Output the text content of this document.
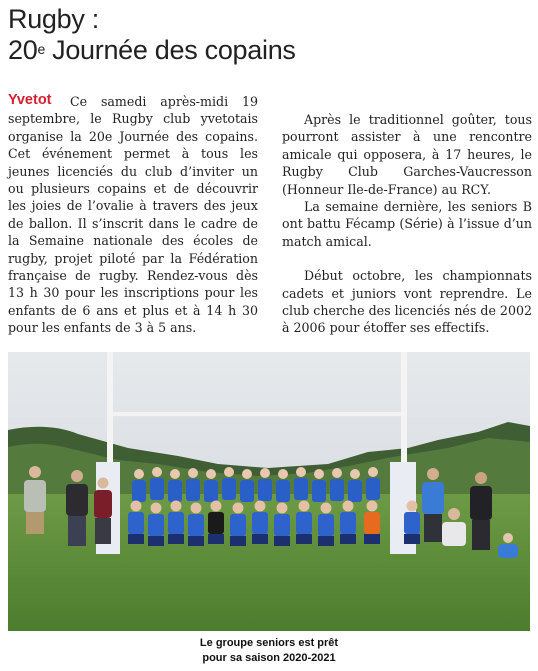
Rugby :
20e Journée des copains
Yvetot	Ce samedi après-midi 19 septembre, le Rugby club yvetotais organise la 20e Journée des copains. Cet événement permet à tous les jeunes licenciés du club d’inviter un ou plusieurs copains et de découvrir les joies de l’ovalie à travers des jeux de ballon. Il s’inscrit dans le cadre de la Semaine nationale des écoles de rugby, projet piloté par la Fédération française de rugby. Rendez-vous dès 13 h 30 pour les inscriptions pour les enfants de 6 ans et plus et à 14 h 30 pour les enfants de 3 à 5 ans.

Après le traditionnel goûter, tous pourront assister à une rencontre amicale qui opposera, à 17 heures, le Rugby Club Garches-Vaucresson (Honneur Ile-de-France) au RCY.

La semaine dernière, les seniors B ont battu Fécamp (Série) à l’issue d’un match amical.

Début octobre, les championnats cadets et juniors vont reprendre. Le club cherche des licenciés nés de 2002 à 2006 pour étoffer ses effectifs.

Le groupe seniors est prêt
pour sa saison 2020-2021
